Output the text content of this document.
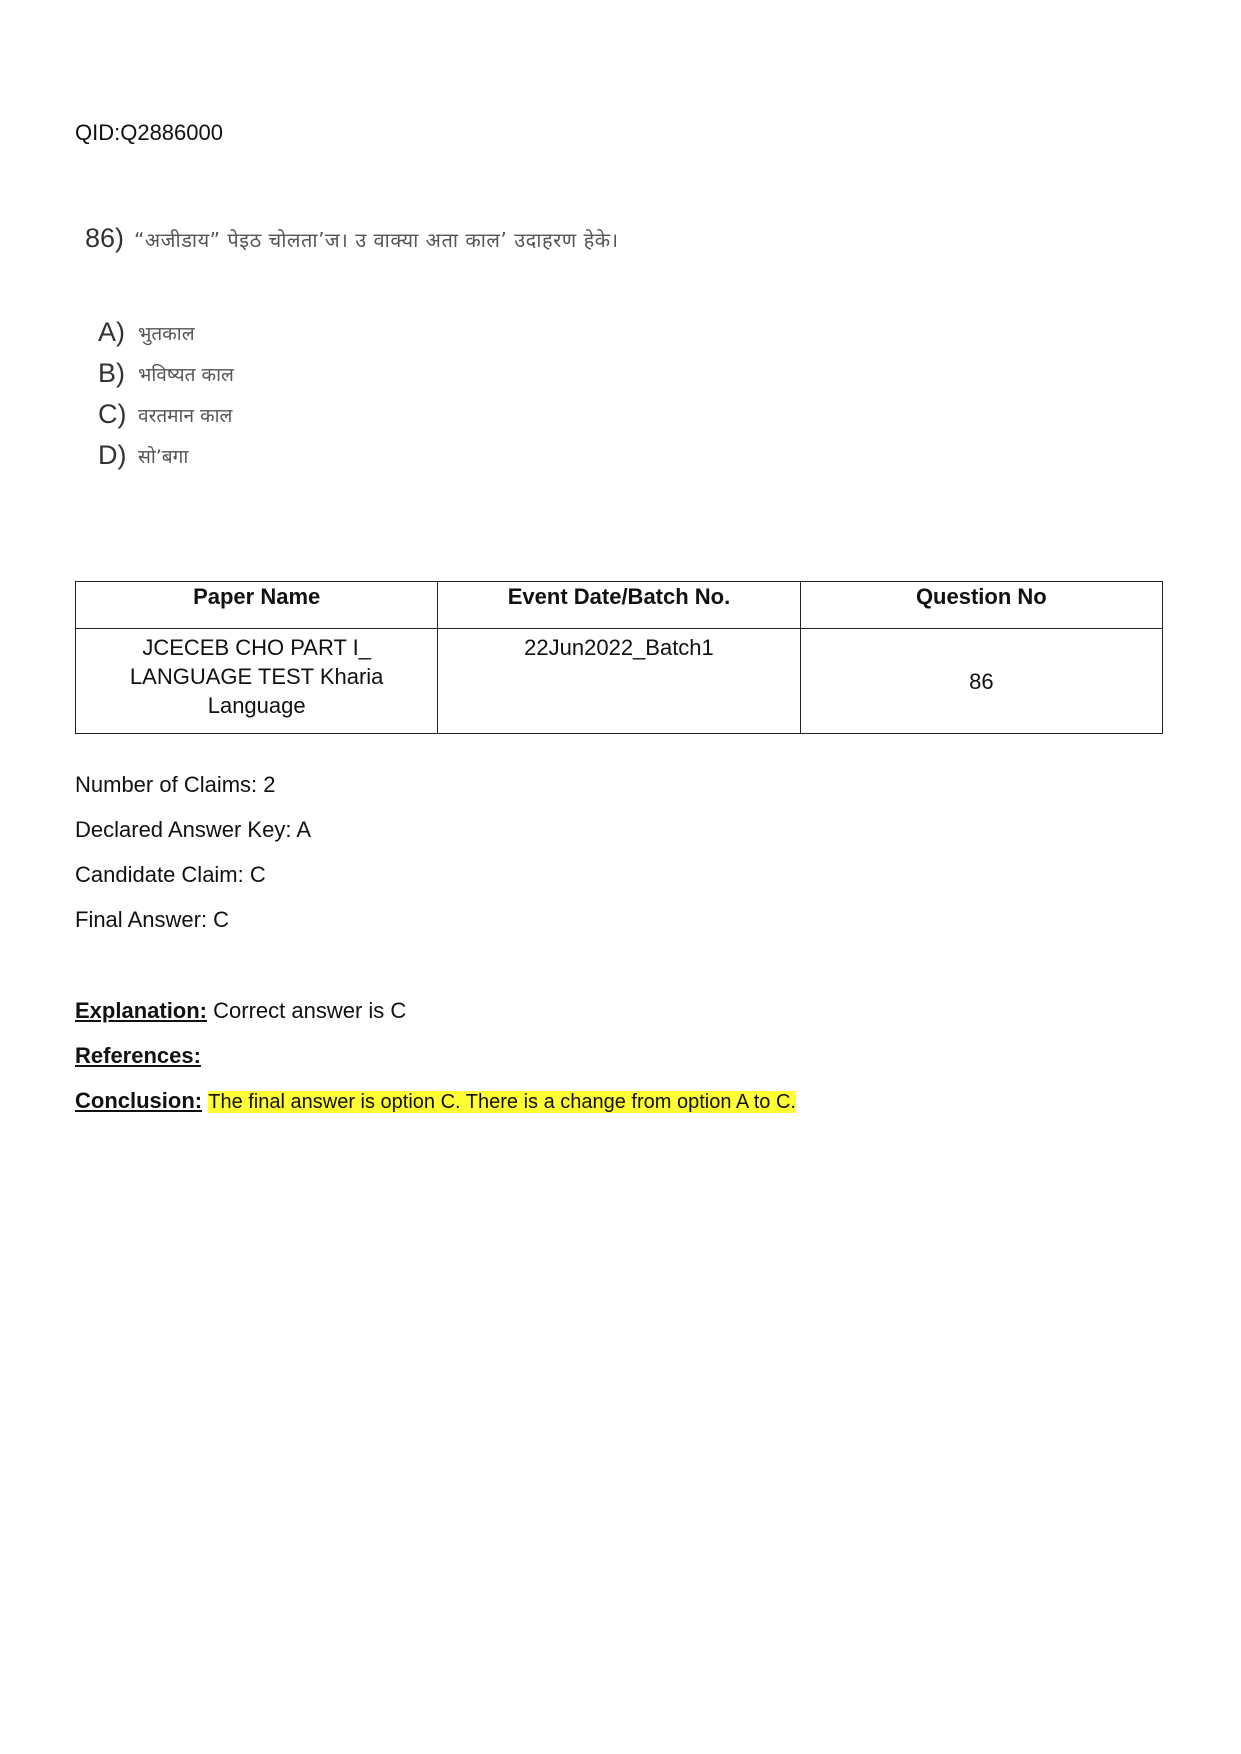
QID:Q2886000
86) “अजीडाय” पेइठ चोलता’ज। उ वाक्या अता काल’ उदाहरण हेके।
A) भुतकाल
B) भविष्यत काल
C) वरतमान काल
D) सो’बगा
Paper Name	Event Date/Batch No.	Question No
JCECEB CHO PART I_ LANGUAGE TEST Kharia Language	22Jun2022_Batch1	86
Number of Claims: 2
Declared Answer Key: A
Candidate Claim: C
Final Answer: C
Explanation: Correct answer is C
References:
Conclusion: The final answer is option C. There is a change from option A to C.
